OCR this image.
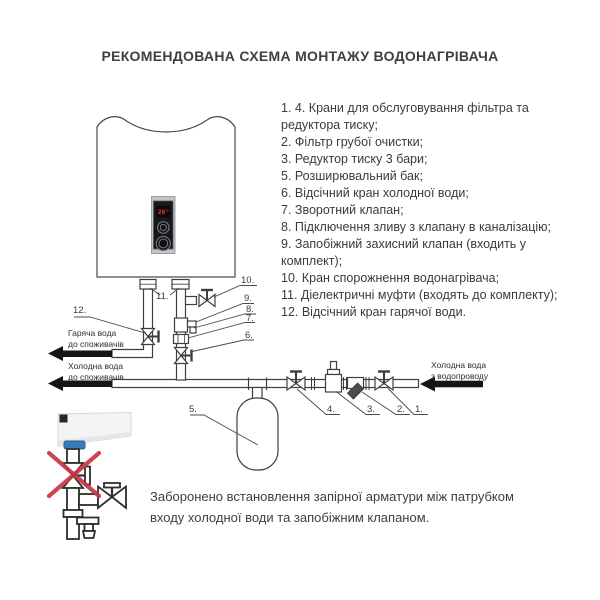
РЕКОМЕНДОВАНА СХЕМА МОНТАЖУ ВОДОНАГРІВАЧА
1. 4. Крани для обслуговування фільтра та редуктора тиску;
2. Фільтр грубої очистки;
3. Редуктор тиску 3 бари;
5. Розширювальний бак;
6. Відсічний кран холодної води;
7. Зворотний клапан;
8. Підключення зливу з клапану в каналізацію;
9. Запобіжний захисний клапан (входить у комплект);
10. Кран спорожнення водонагрівача;
11. Діелектричні муфти (входять до комплекту);
12. Відсічний кран гарячої води.
26°
Гаряча вода
до споживачів
Холодна вода
до споживачів
Холодна вода
з водопроводу
12.
11.
10.
9.
8.
7.
6.
5.	4.	3. 2. 1.
Заборонено встановлення запірної арматури між патрубком входу холодної води та запобіжним клапаном.
